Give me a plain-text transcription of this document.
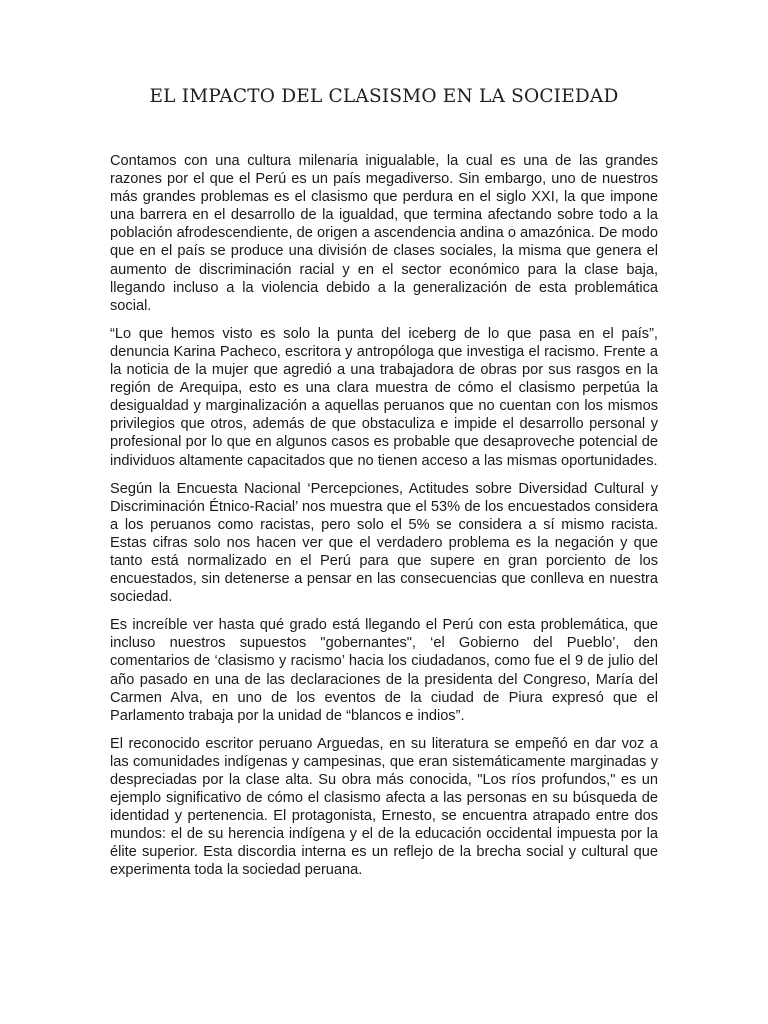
EL IMPACTO DEL CLASISMO EN LA SOCIEDAD

Contamos con una cultura milenaria inigualable, la cual es una de las grandes razones por el que el Perú es un país megadiverso. Sin embargo, uno de nuestros más grandes problemas es el clasismo que perdura en el siglo XXI, la que impone una barrera en el desarrollo de la igualdad, que termina afectando sobre todo a la población afrodescendiente, de origen a ascendencia andina o amazónica. De modo que en el país se produce una división de clases sociales, la misma que genera el aumento de discriminación racial y en el sector económico para la clase baja, llegando incluso a la violencia debido a la generalización de esta problemática social.

“Lo que hemos visto es solo la punta del iceberg de lo que pasa en el país”, denuncia Karina Pacheco, escritora y antropóloga que investiga el racismo. Frente a la noticia de la mujer que agredió a una trabajadora de obras por sus rasgos en la región de Arequipa, esto es una clara muestra de cómo el clasismo perpetúa la desigualdad y marginalización a aquellas peruanos que no cuentan con los mismos privilegios que otros, además de que obstaculiza e impide el desarrollo personal y profesional por lo que en algunos casos es probable que desaproveche potencial de individuos altamente capacitados que no tienen acceso a las mismas oportunidades.

Según la Encuesta Nacional ‘Percepciones, Actitudes sobre Diversidad Cultural y Discriminación Étnico-Racial’ nos muestra que el 53% de los encuestados considera a los peruanos como racistas, pero solo el 5% se considera a sí mismo racista. Estas cifras solo nos hacen ver que el verdadero problema es la negación y que tanto está normalizado en el Perú para que supere en gran porciento de los encuestados, sin detenerse a pensar en las consecuencias que conlleva en nuestra sociedad.

Es increíble ver hasta qué grado está llegando el Perú con esta problemática, que incluso nuestros supuestos "gobernantes", ‘el Gobierno del Pueblo’, den comentarios de ‘clasismo y racismo’ hacia los ciudadanos, como fue el 9 de julio del año pasado en una de las declaraciones de la presidenta del Congreso, María del Carmen Alva, en uno de los eventos de la ciudad de Piura expresó que el Parlamento trabaja por la unidad de “blancos e indios”.

El reconocido escritor peruano Arguedas, en su literatura se empeñó en dar voz a las comunidades indígenas y campesinas, que eran sistemáticamente marginadas y despreciadas por la clase alta. Su obra más conocida, "Los ríos profundos," es un ejemplo significativo de cómo el clasismo afecta a las personas en su búsqueda de identidad y pertenencia. El protagonista, Ernesto, se encuentra atrapado entre dos mundos: el de su herencia indígena y el de la educación occidental impuesta por la élite superior. Esta discordia interna es un reflejo de la brecha social y cultural que experimenta toda la sociedad peruana.
